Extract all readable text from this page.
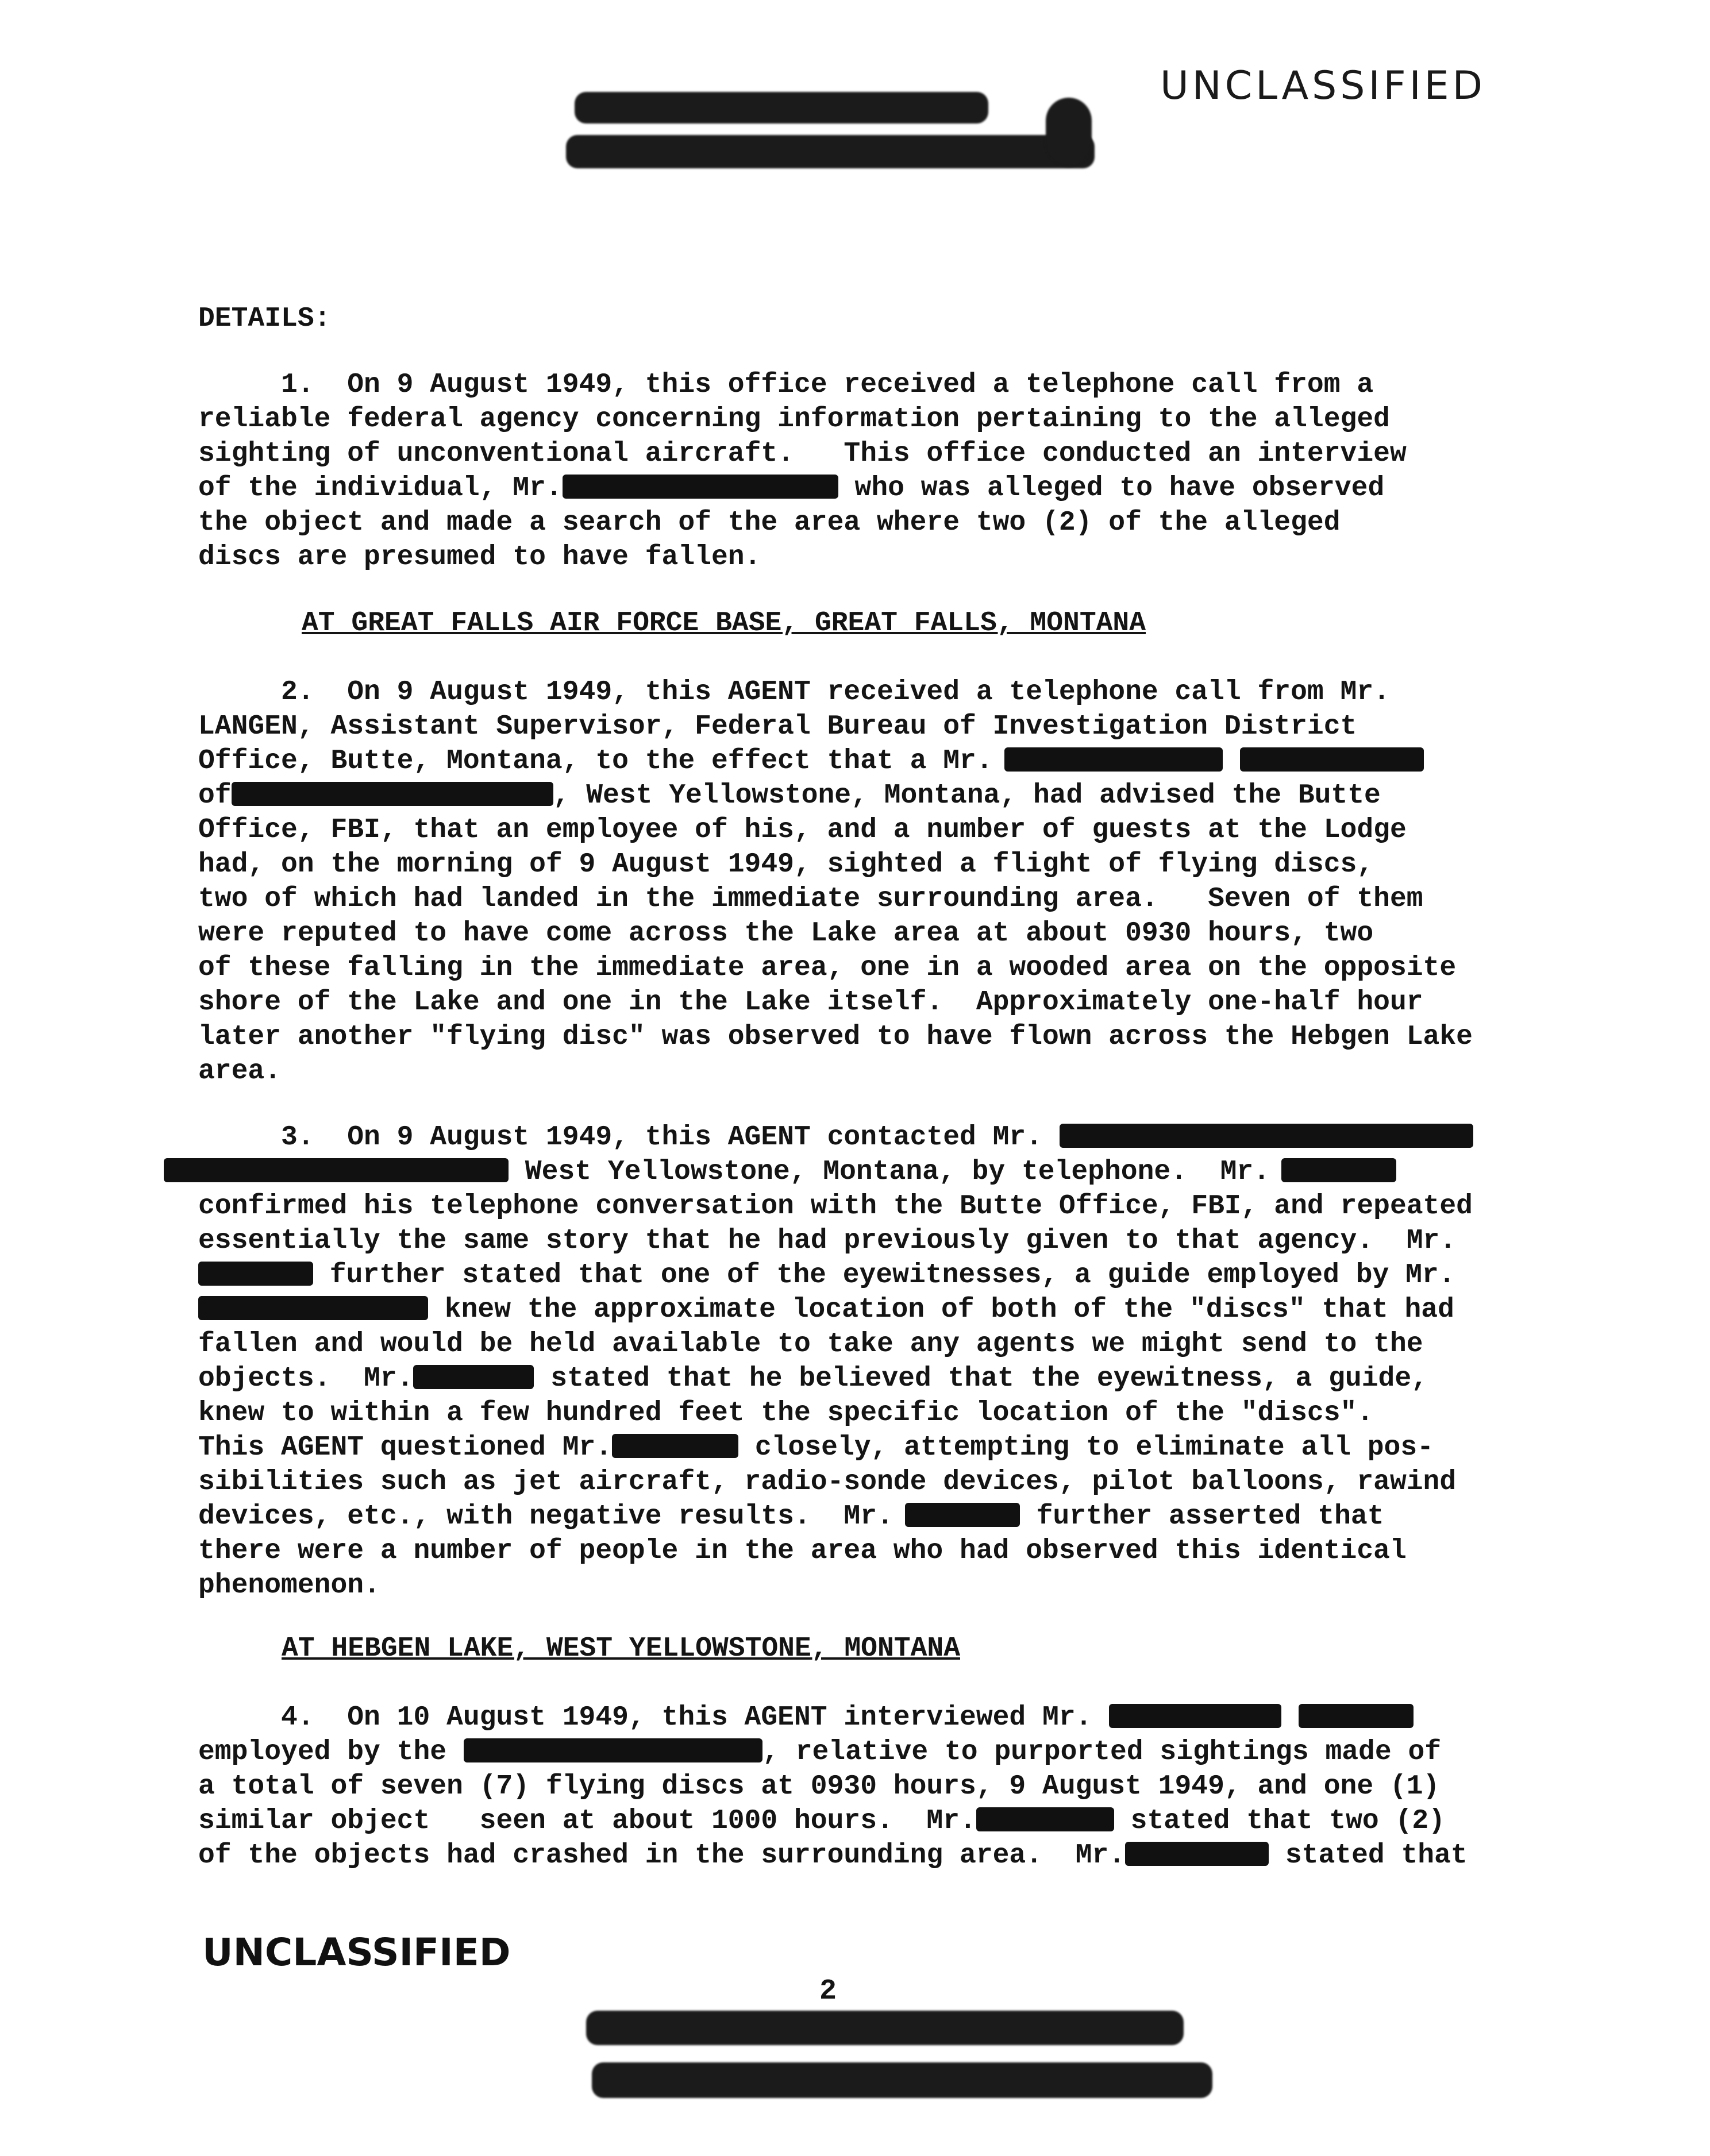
UNCLASSIFIED
DETAILS:
1.  On 9 August 1949, this office received a telephone call from a
reliable federal agency concerning information pertaining to the alleged
sighting of unconventional aircraft.   This office conducted an interview
of the individual, Mr.	who was alleged to have observed
the object and made a search of the area where two (2) of the alleged
discs are presumed to have fallen.
AT GREAT FALLS AIR FORCE BASE, GREAT FALLS, MONTANA
2.  On 9 August 1949, this AGENT received a telephone call from Mr.
LANGEN, Assistant Supervisor, Federal Bureau of Investigation District
Office, Butte, Montana, to the effect that a Mr.
of	, West Yellowstone, Montana, had advised the Butte
Office, FBI, that an employee of his, and a number of guests at the Lodge
had, on the morning of 9 August 1949, sighted a flight of flying discs,
two of which had landed in the immediate surrounding area.   Seven of them
were reputed to have come across the Lake area at about 0930 hours, two
of these falling in the immediate area, one in a wooded area on the opposite
shore of the Lake and one in the Lake itself.  Approximately one-half hour
later another "flying disc" was observed to have flown across the Hebgen Lake
area.
3.  On 9 August 1949, this AGENT contacted Mr.
West Yellowstone, Montana, by telephone.  Mr.
confirmed his telephone conversation with the Butte Office, FBI, and repeated
essentially the same story that he had previously given to that agency.  Mr.
further stated that one of the eyewitnesses, a guide employed by Mr.
knew the approximate location of both of the "discs" that had
fallen and would be held available to take any agents we might send to the
objects.  Mr.	stated that he believed that the eyewitness, a guide,
knew to within a few hundred feet the specific location of the "discs".
This AGENT questioned Mr.	closely, attempting to eliminate all pos-
sibilities such as jet aircraft, radio-sonde devices, pilot balloons, rawind
devices, etc., with negative results.  Mr.	further asserted that
there were a number of people in the area who had observed this identical
phenomenon.
AT HEBGEN LAKE, WEST YELLOWSTONE, MONTANA
4.  On 10 August 1949, this AGENT interviewed Mr.
employed by the	, relative to purported sightings made of
a total of seven (7) flying discs at 0930 hours, 9 August 1949, and one (1)
similar object   seen at about 1000 hours.  Mr.	stated that two (2)
of the objects had crashed in the surrounding area.  Mr.	stated that
UNCLASSIFIED
2
